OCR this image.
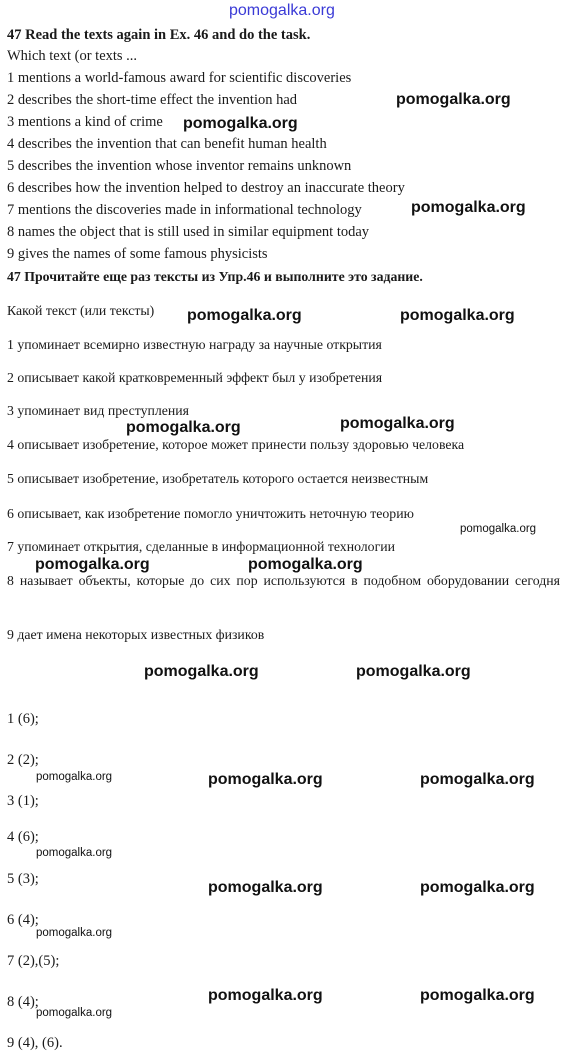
pomogalka.org
47 Read the texts again in Ex. 46 and do the task.
Which text (or texts ...
1 mentions a world-famous award for scientific discoveries
2 describes the short-time effect the invention had
3 mentions a kind of crime
4 describes the invention that can benefit human health
5 describes the invention whose inventor remains unknown
6 describes how the invention helped to destroy an inaccurate theory
7 mentions the discoveries made in informational technology
8 names the object that is still used in similar equipment today
9 gives the names of some famous physicists
47 Прочитайте еще раз тексты из Упр.46 и выполните это задание.
Какой текст (или тексты)
1 упоминает всемирно известную награду за научные открытия
2 описывает какой кратковременный эффект был у изобретения
3 упоминает вид преступления
4 описывает изобретение, которое может принести пользу здоровью человека
5 описывает изобретение, изобретатель которого остается неизвестным
6 описывает, как изобретение помогло уничтожить неточную теорию
7 упоминает открытия, сделанные в информационной технологии
8 называет объекты, которые до сих пор используются в подобном оборудовании сегодня
9 дает имена некоторых известных физиков
1 (6);
2 (2);
3 (1);
4 (6);
5 (3);
6 (4);
7 (2),(5);
8 (4);
9 (4), (6).
pomogalka.org
pomogalka.org
pomogalka.org
pomogalka.org	pomogalka.org
pomogalka.org
pomogalka.org
pomogalka.org	pomogalka.org
pomogalka.org	pomogalka.org
pomogalka.org	pomogalka.org
pomogalka.org	pomogalka.org
pomogalka.org	pomogalka.org
pomogalka.org
pomogalka.org
pomogalka.org
pomogalka.org
pomogalka.org
